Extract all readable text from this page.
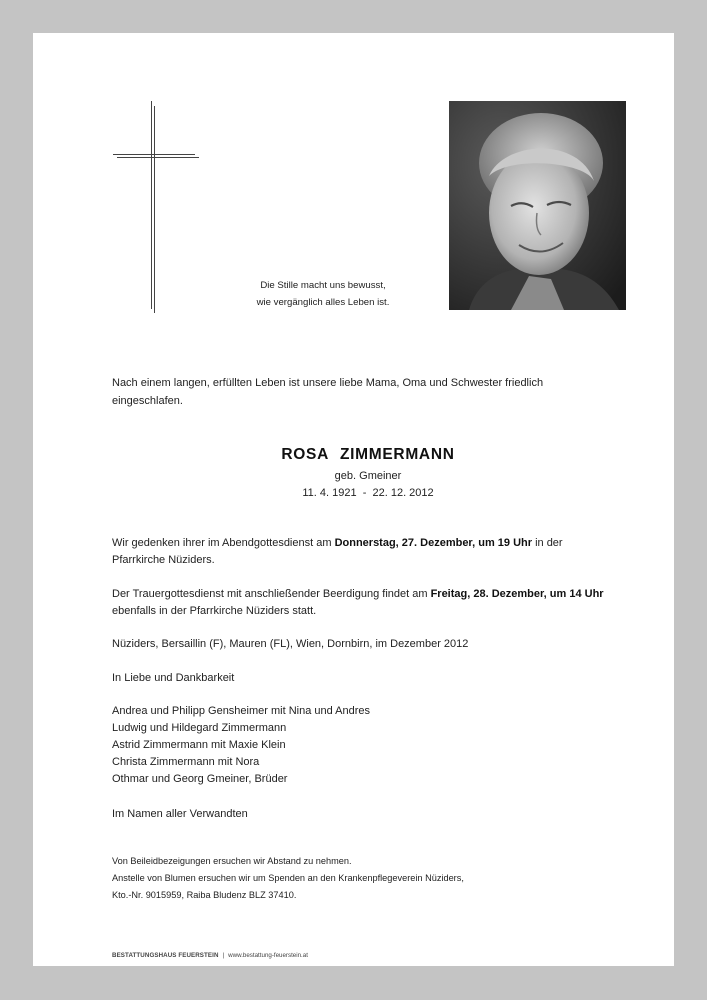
Die Stille macht uns bewusst,
wie vergänglich alles Leben ist.
Nach einem langen, erfüllten Leben ist unsere liebe Mama, Oma und Schwester friedlich
eingeschlafen.
ROSA ZIMMERMANN
geb. Gmeiner
11. 4. 1921 - 22. 12. 2012
Wir gedenken ihrer im Abendgottesdienst am Donnerstag, 27. Dezember, um 19 Uhr in der
Pfarrkirche Nüziders.
Der Trauergottesdienst mit anschließender Beerdigung findet am Freitag, 28. Dezember, um 14 Uhr
ebenfalls in der Pfarrkirche Nüziders statt.
Nüziders, Bersaillin (F), Mauren (FL), Wien, Dornbirn, im Dezember 2012
In Liebe und Dankbarkeit
Andrea und Philipp Gensheimer mit Nina und Andres
Ludwig und Hildegard Zimmermann
Astrid Zimmermann mit Maxie Klein
Christa Zimmermann mit Nora
Othmar und Georg Gmeiner, Brüder
Im Namen aller Verwandten
Von Beileidbezeigungen ersuchen wir Abstand zu nehmen.
Anstelle von Blumen ersuchen wir um Spenden an den Krankenpflegeverein Nüziders,
Kto.-Nr. 9015959, Raiba Bludenz BLZ 37410.
BESTATTUNGSHAUS FEUERSTEIN | www.bestattung-feuerstein.at
